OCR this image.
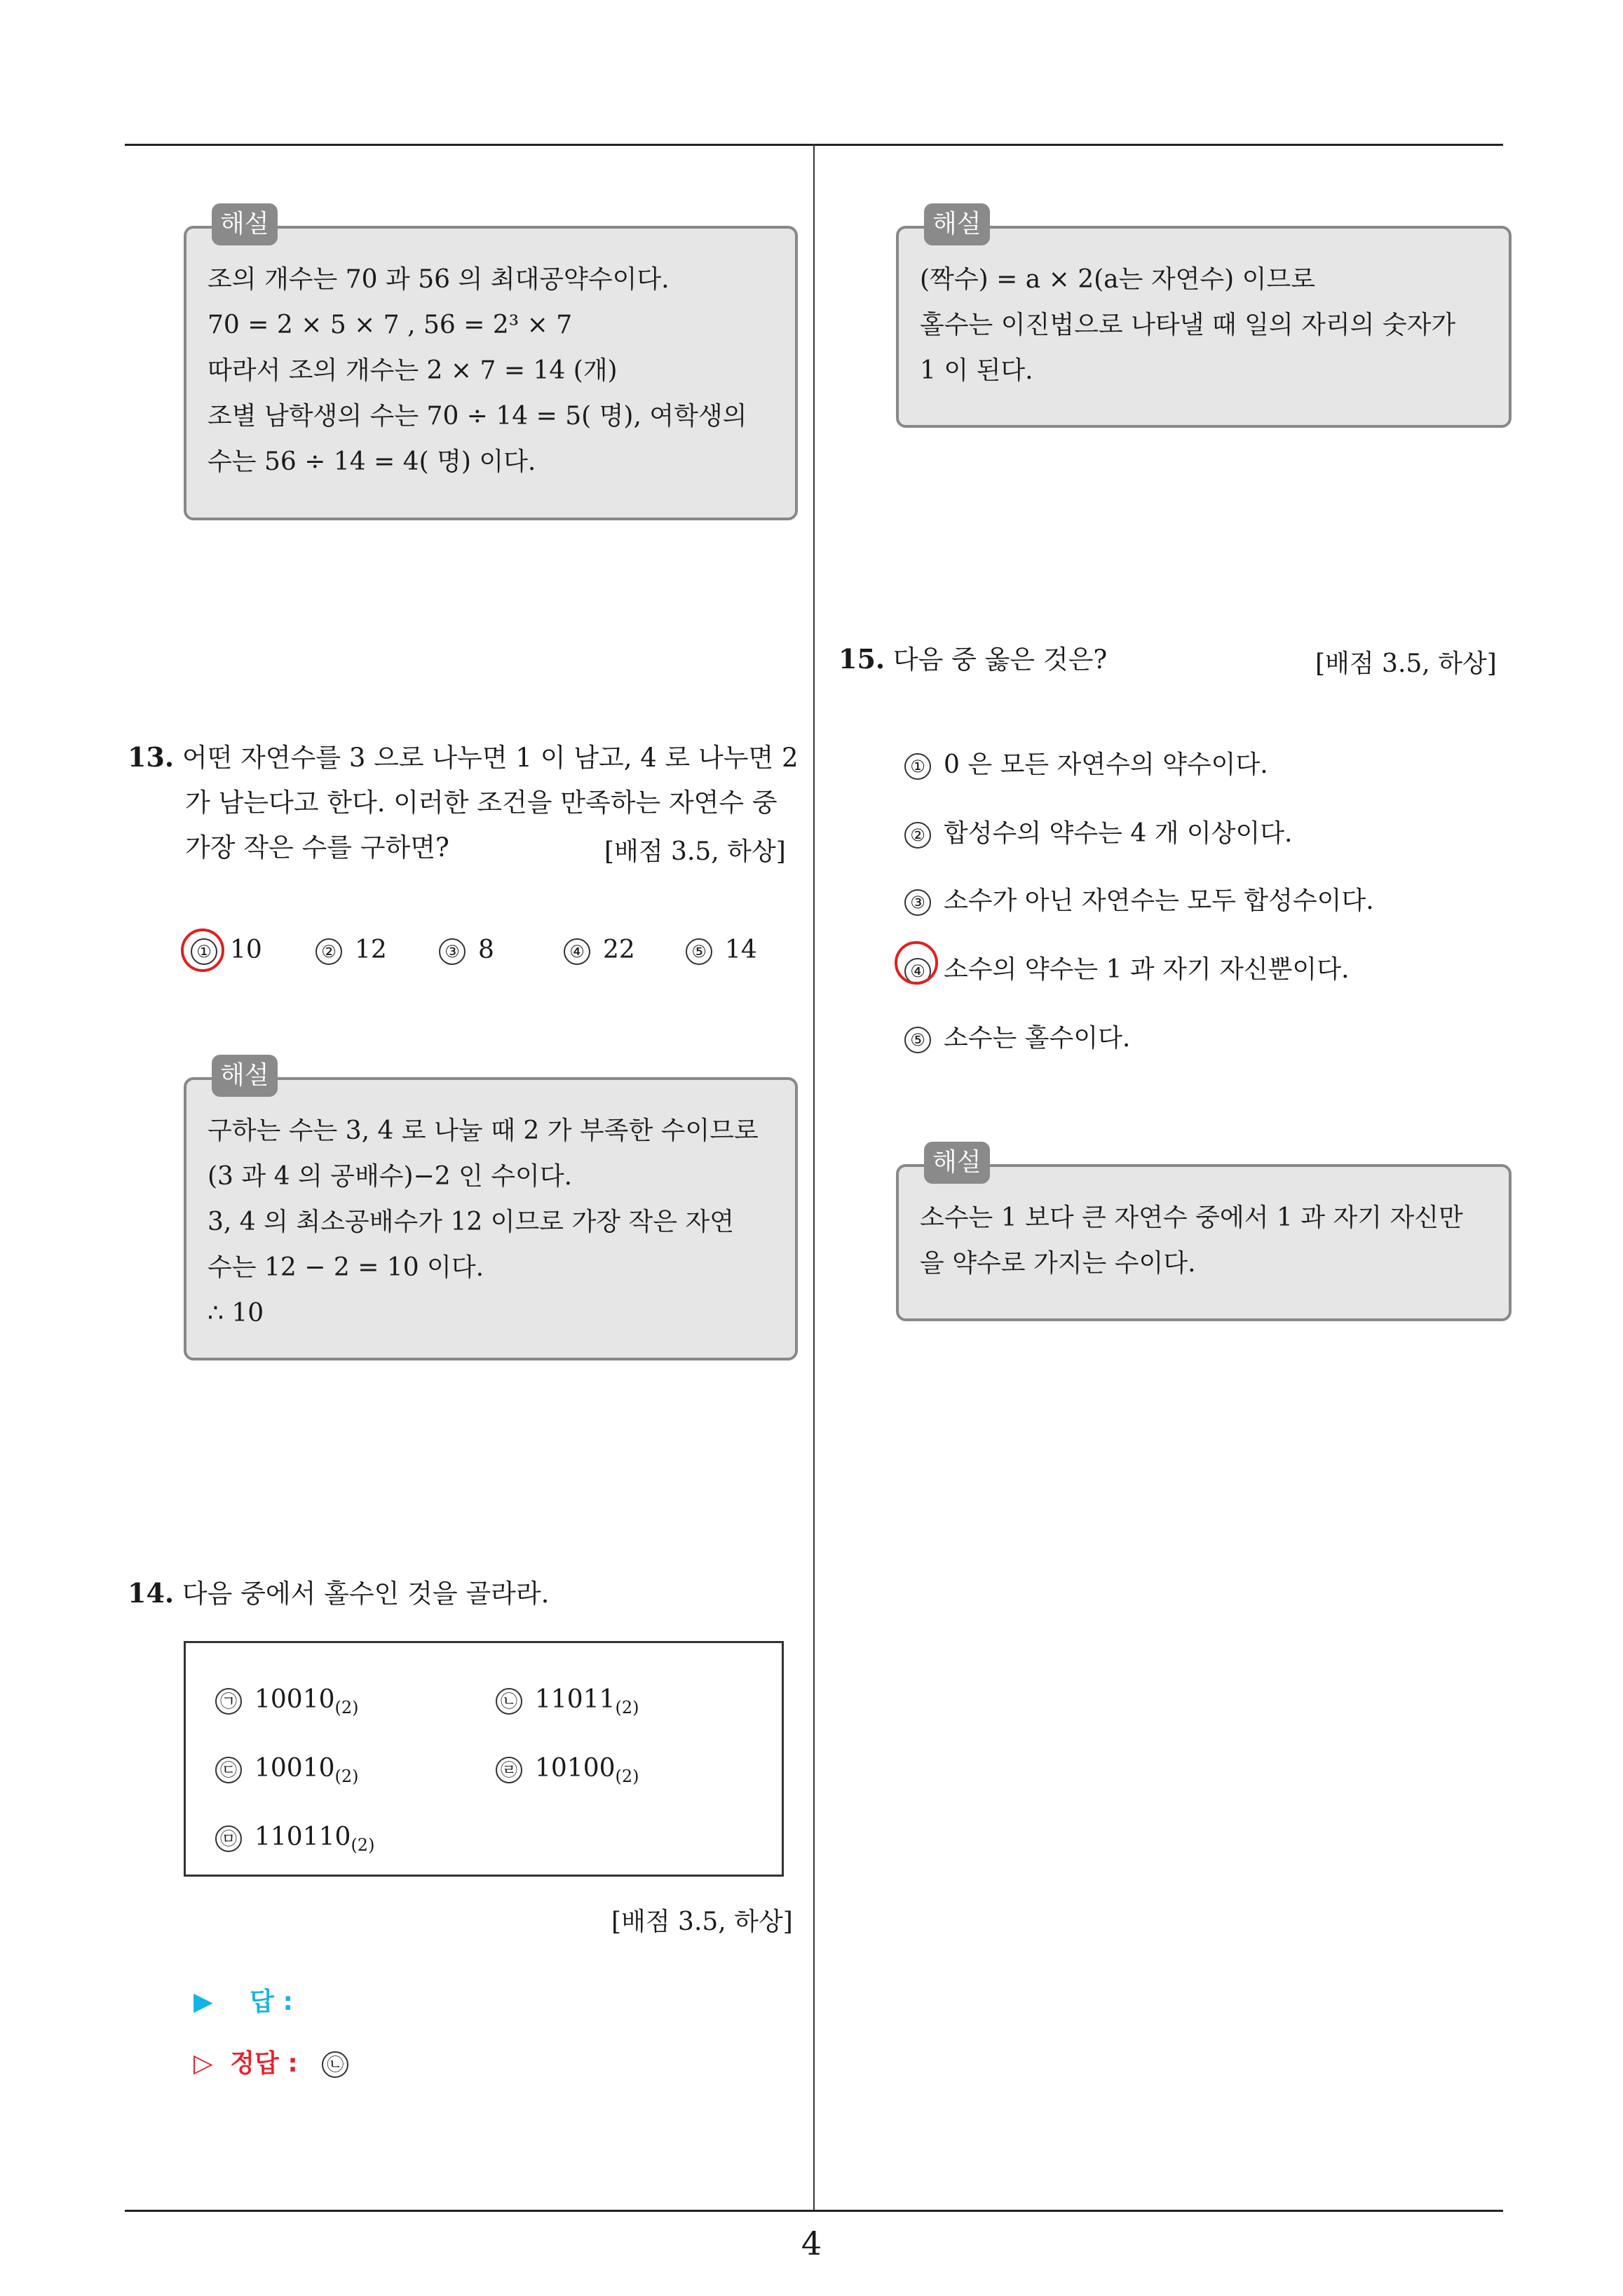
해설
조의 개수는 70 과 56 의 최대공약수이다.
70 = 2 × 5 × 7 , 56 = 2³ × 7
따라서 조의 개수는 2 × 7 = 14 (개)
조별 남학생의 수는 70 ÷ 14 = 5( 명), 여학생의
수는 56 ÷ 14 = 4( 명) 이다.
13. 어떤 자연수를 3 으로 나누면 1 이 남고, 4 로 나누면 2
가 남는다고 한다. 이러한 조건을 만족하는 자연수 중
가장 작은 수를 구하면?	[배점 3.5, 하상]
① 10	② 12	③ 8	④ 22	⑤ 14
해설
구하는 수는 3, 4 로 나눌 때 2 가 부족한 수이므로
(3 과 4 의 공배수)−2 인 수이다.
3, 4 의 최소공배수가 12 이므로 가장 작은 자연
수는 12 − 2 = 10 이다.
∴ 10
14. 다음 중에서 홀수인 것을 골라라.
㉠ $10010_{(2)}$	㉡ $11011_{(2)}$
㉢ $10010_{(2)}$	㉣ $10100_{(2)}$
㉤ $110110_{(2)}$
[배점 3.5, 하상]
▶ 답 :
▷ 정답 : ㉡
해설
(짝수) = a × 2(a는 자연수) 이므로
홀수는 이진법으로 나타낼 때 일의 자리의 숫자가
1 이 된다.
15. 다음 중 옳은 것은?	[배점 3.5, 하상]
① 0 은 모든 자연수의 약수이다.
② 합성수의 약수는 4 개 이상이다.
③ 소수가 아닌 자연수는 모두 합성수이다.
④ 소수의 약수는 1 과 자기 자신뿐이다.
⑤ 소수는 홀수이다.
해설
소수는 1 보다 큰 자연수 중에서 1 과 자기 자신만
을 약수로 가지는 수이다.
4
